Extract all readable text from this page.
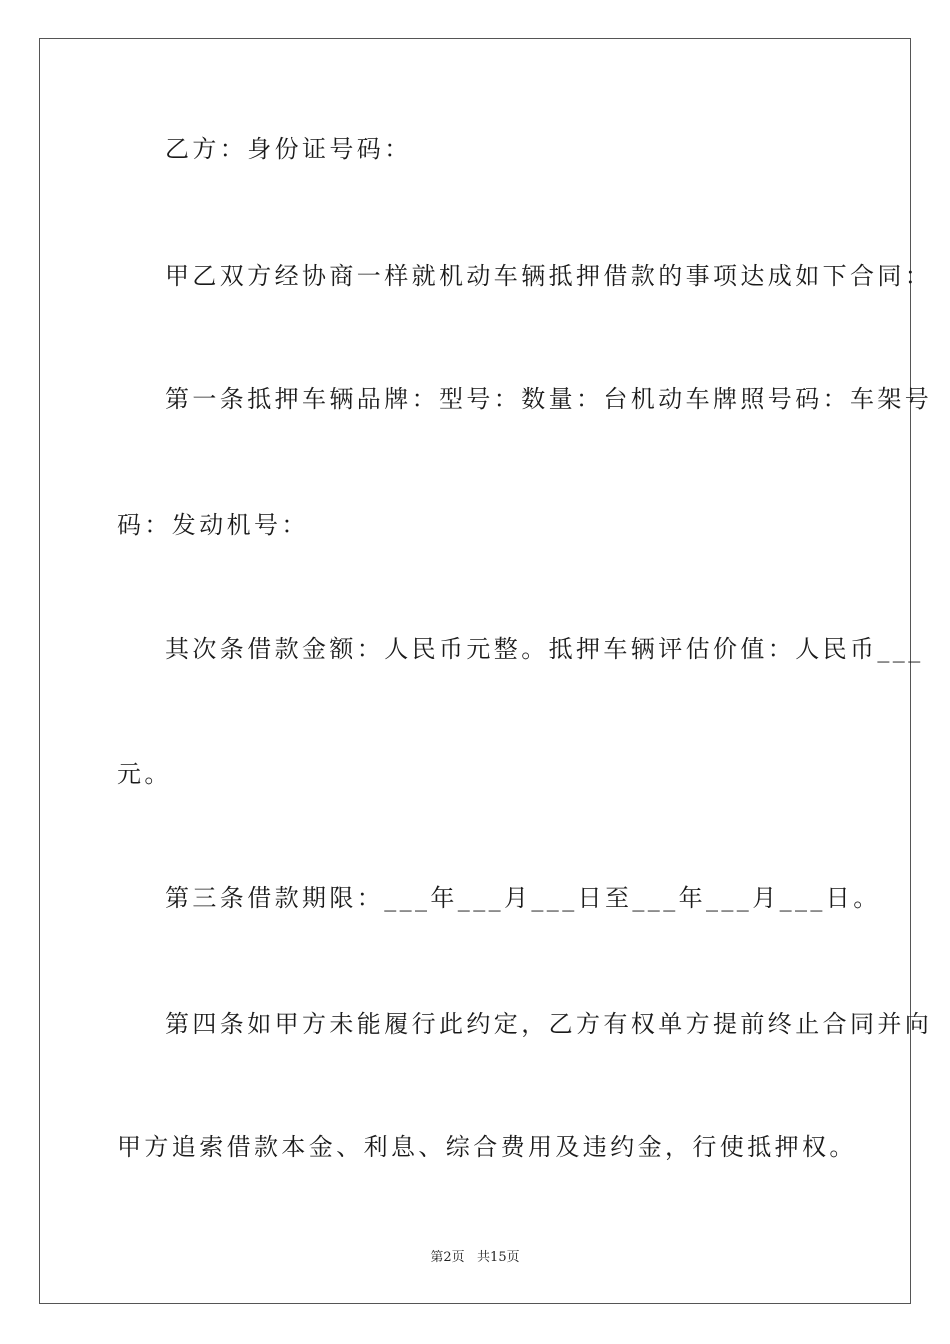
乙方：身份证号码：
甲乙双方经协商一样就机动车辆抵押借款的事项达成如下合同：
第一条抵押车辆品牌：型号：数量：台机动车牌照号码：车架号
码：发动机号：
其次条借款金额：人民币元整。抵押车辆评估价值：人民币___
元。
第三条借款期限：___年___月___日至___年___月___日。
第四条如甲方未能履行此约定，乙方有权单方提前终止合同并向
甲方追索借款本金、利息、综合费用及违约金，行使抵押权。
第2页   共15页
